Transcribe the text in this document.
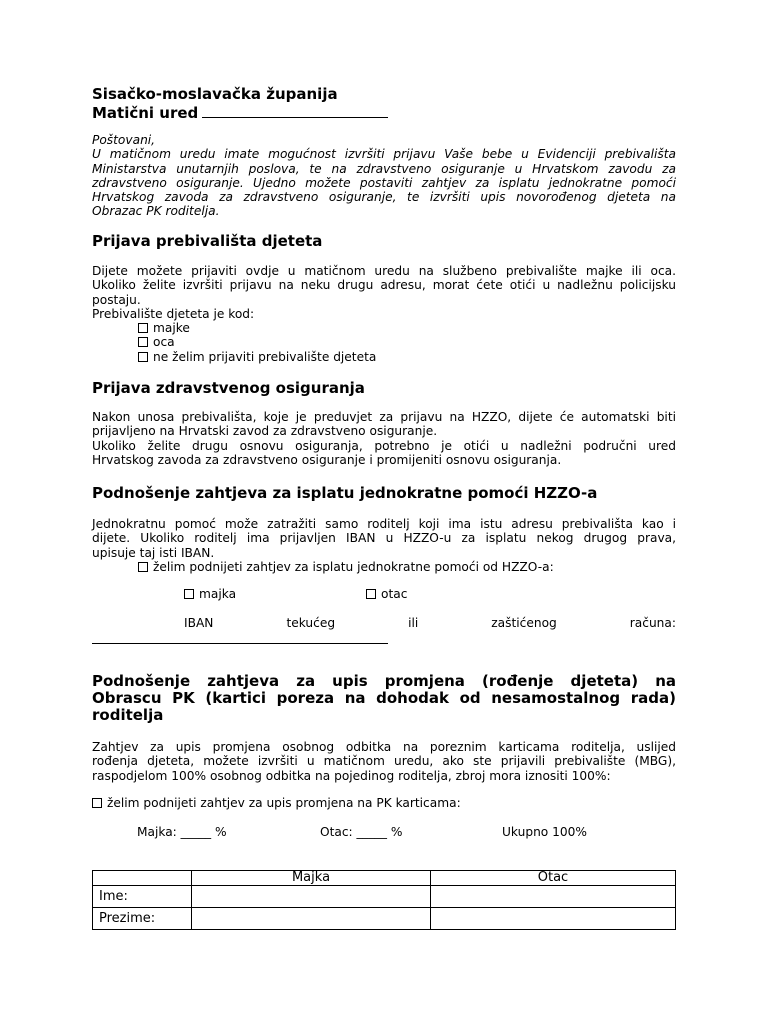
Sisačko-moslavačka županija
Matični ured
Poštovani,
U matičnom uredu imate mogućnost izvršiti prijavu Vaše bebe u Evidenciji prebivališta
Ministarstva unutarnjih poslova, te na zdravstveno osiguranje u Hrvatskom zavodu za
zdravstveno osiguranje. Ujedno možete postaviti zahtjev za isplatu jednokratne pomoći
Hrvatskog zavoda za zdravstveno osiguranje, te izvršiti upis novorođenog djeteta na
Obrazac PK roditelja.
Prijava prebivališta djeteta
Dijete možete prijaviti ovdje u matičnom uredu na službeno prebivalište majke ili oca.
Ukoliko želite izvršiti prijavu na neku drugu adresu, morat ćete otići u nadležnu policijsku
postaju.
Prebivalište djeteta je kod:
majke
oca
ne želim prijaviti prebivalište djeteta
Prijava zdravstvenog osiguranja
Nakon unosa prebivališta, koje je preduvjet za prijavu na HZZO, dijete će automatski biti
prijavljeno na Hrvatski zavod za zdravstveno osiguranje.
Ukoliko želite drugu osnovu osiguranja, potrebno je otići u nadležni područni ured
Hrvatskog zavoda za zdravstveno osiguranje i promijeniti osnovu osiguranja.
Podnošenje zahtjeva za isplatu jednokratne pomoći HZZO-a
Jednokratnu pomoć može zatražiti samo roditelj koji ima istu adresu prebivališta kao i
dijete. Ukoliko roditelj ima prijavljen IBAN u HZZO-u za isplatu nekog drugog prava,
upisuje taj isti IBAN.
želim podnijeti zahtjev za isplatu jednokratne pomoći od HZZO-a:
majka	otac
IBAN	tekućeg	ili	zaštićenog	računa:
Podnošenje zahtjeva za upis promjena (rođenje djeteta) na
Obrascu PK (kartici poreza na dohodak od nesamostalnog rada)
roditelja
Zahtjev za upis promjena osobnog odbitka na poreznim karticama roditelja, uslijed
rođenja djeteta, možete izvršiti u matičnom uredu, ako ste prijavili prebivalište (MBG),
raspodjelom 100% osobnog odbitka na pojedinog roditelja, zbroj mora iznositi 100%:
želim podnijeti zahtjev za upis promjena na PK karticama:
Majka: _____ %	Otac: _____ %	Ukupno 100%
	Majka	Otac
Ime:		
Prezime:		
